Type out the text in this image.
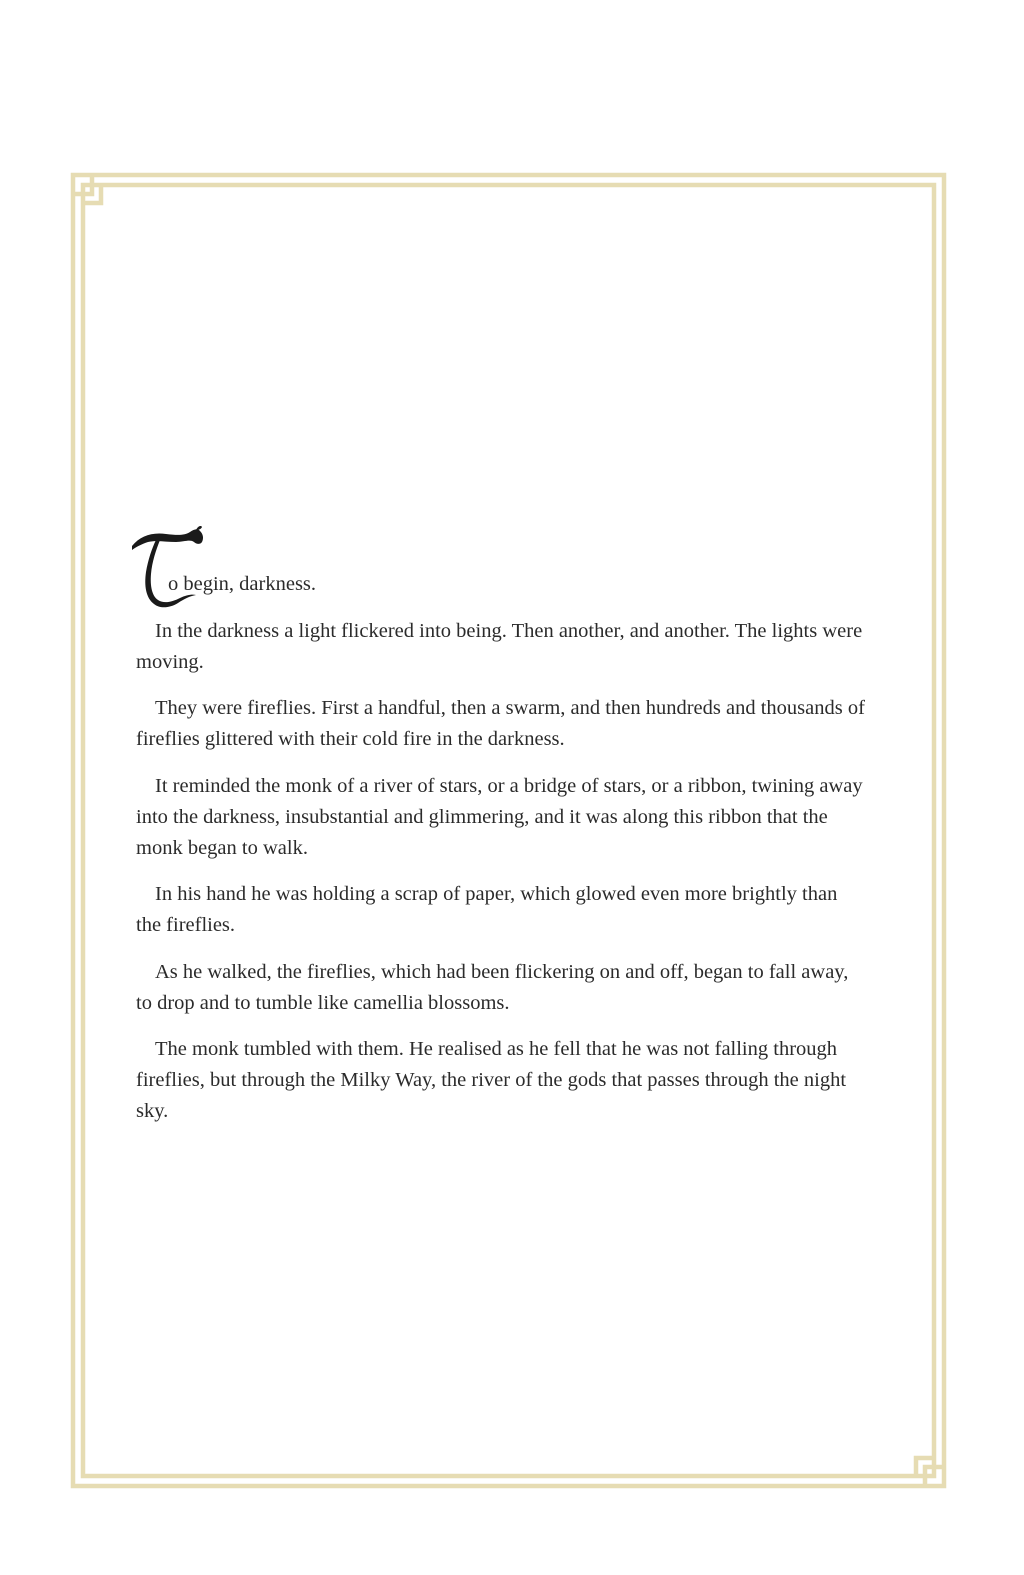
o begin, darkness.

In the darkness a light flickered into being. Then another, and another. The lights were moving.

They were fireflies. First a handful, then a swarm, and then hundreds and thousands of fireflies glittered with their cold fire in the darkness.

It reminded the monk of a river of stars, or a bridge of stars, or a ribbon, twining away into the darkness, insubstantial and glimmering, and it was along this ribbon that the monk began to walk.

In his hand he was holding a scrap of paper, which glowed even more brightly than the fireflies.

As he walked, the fireflies, which had been flickering on and off, began to fall away, to drop and to tumble like camellia blossoms.

The monk tumbled with them. He realised as he fell that he was not falling through fireflies, but through the Milky Way, the river of the gods that passes through the night sky.
